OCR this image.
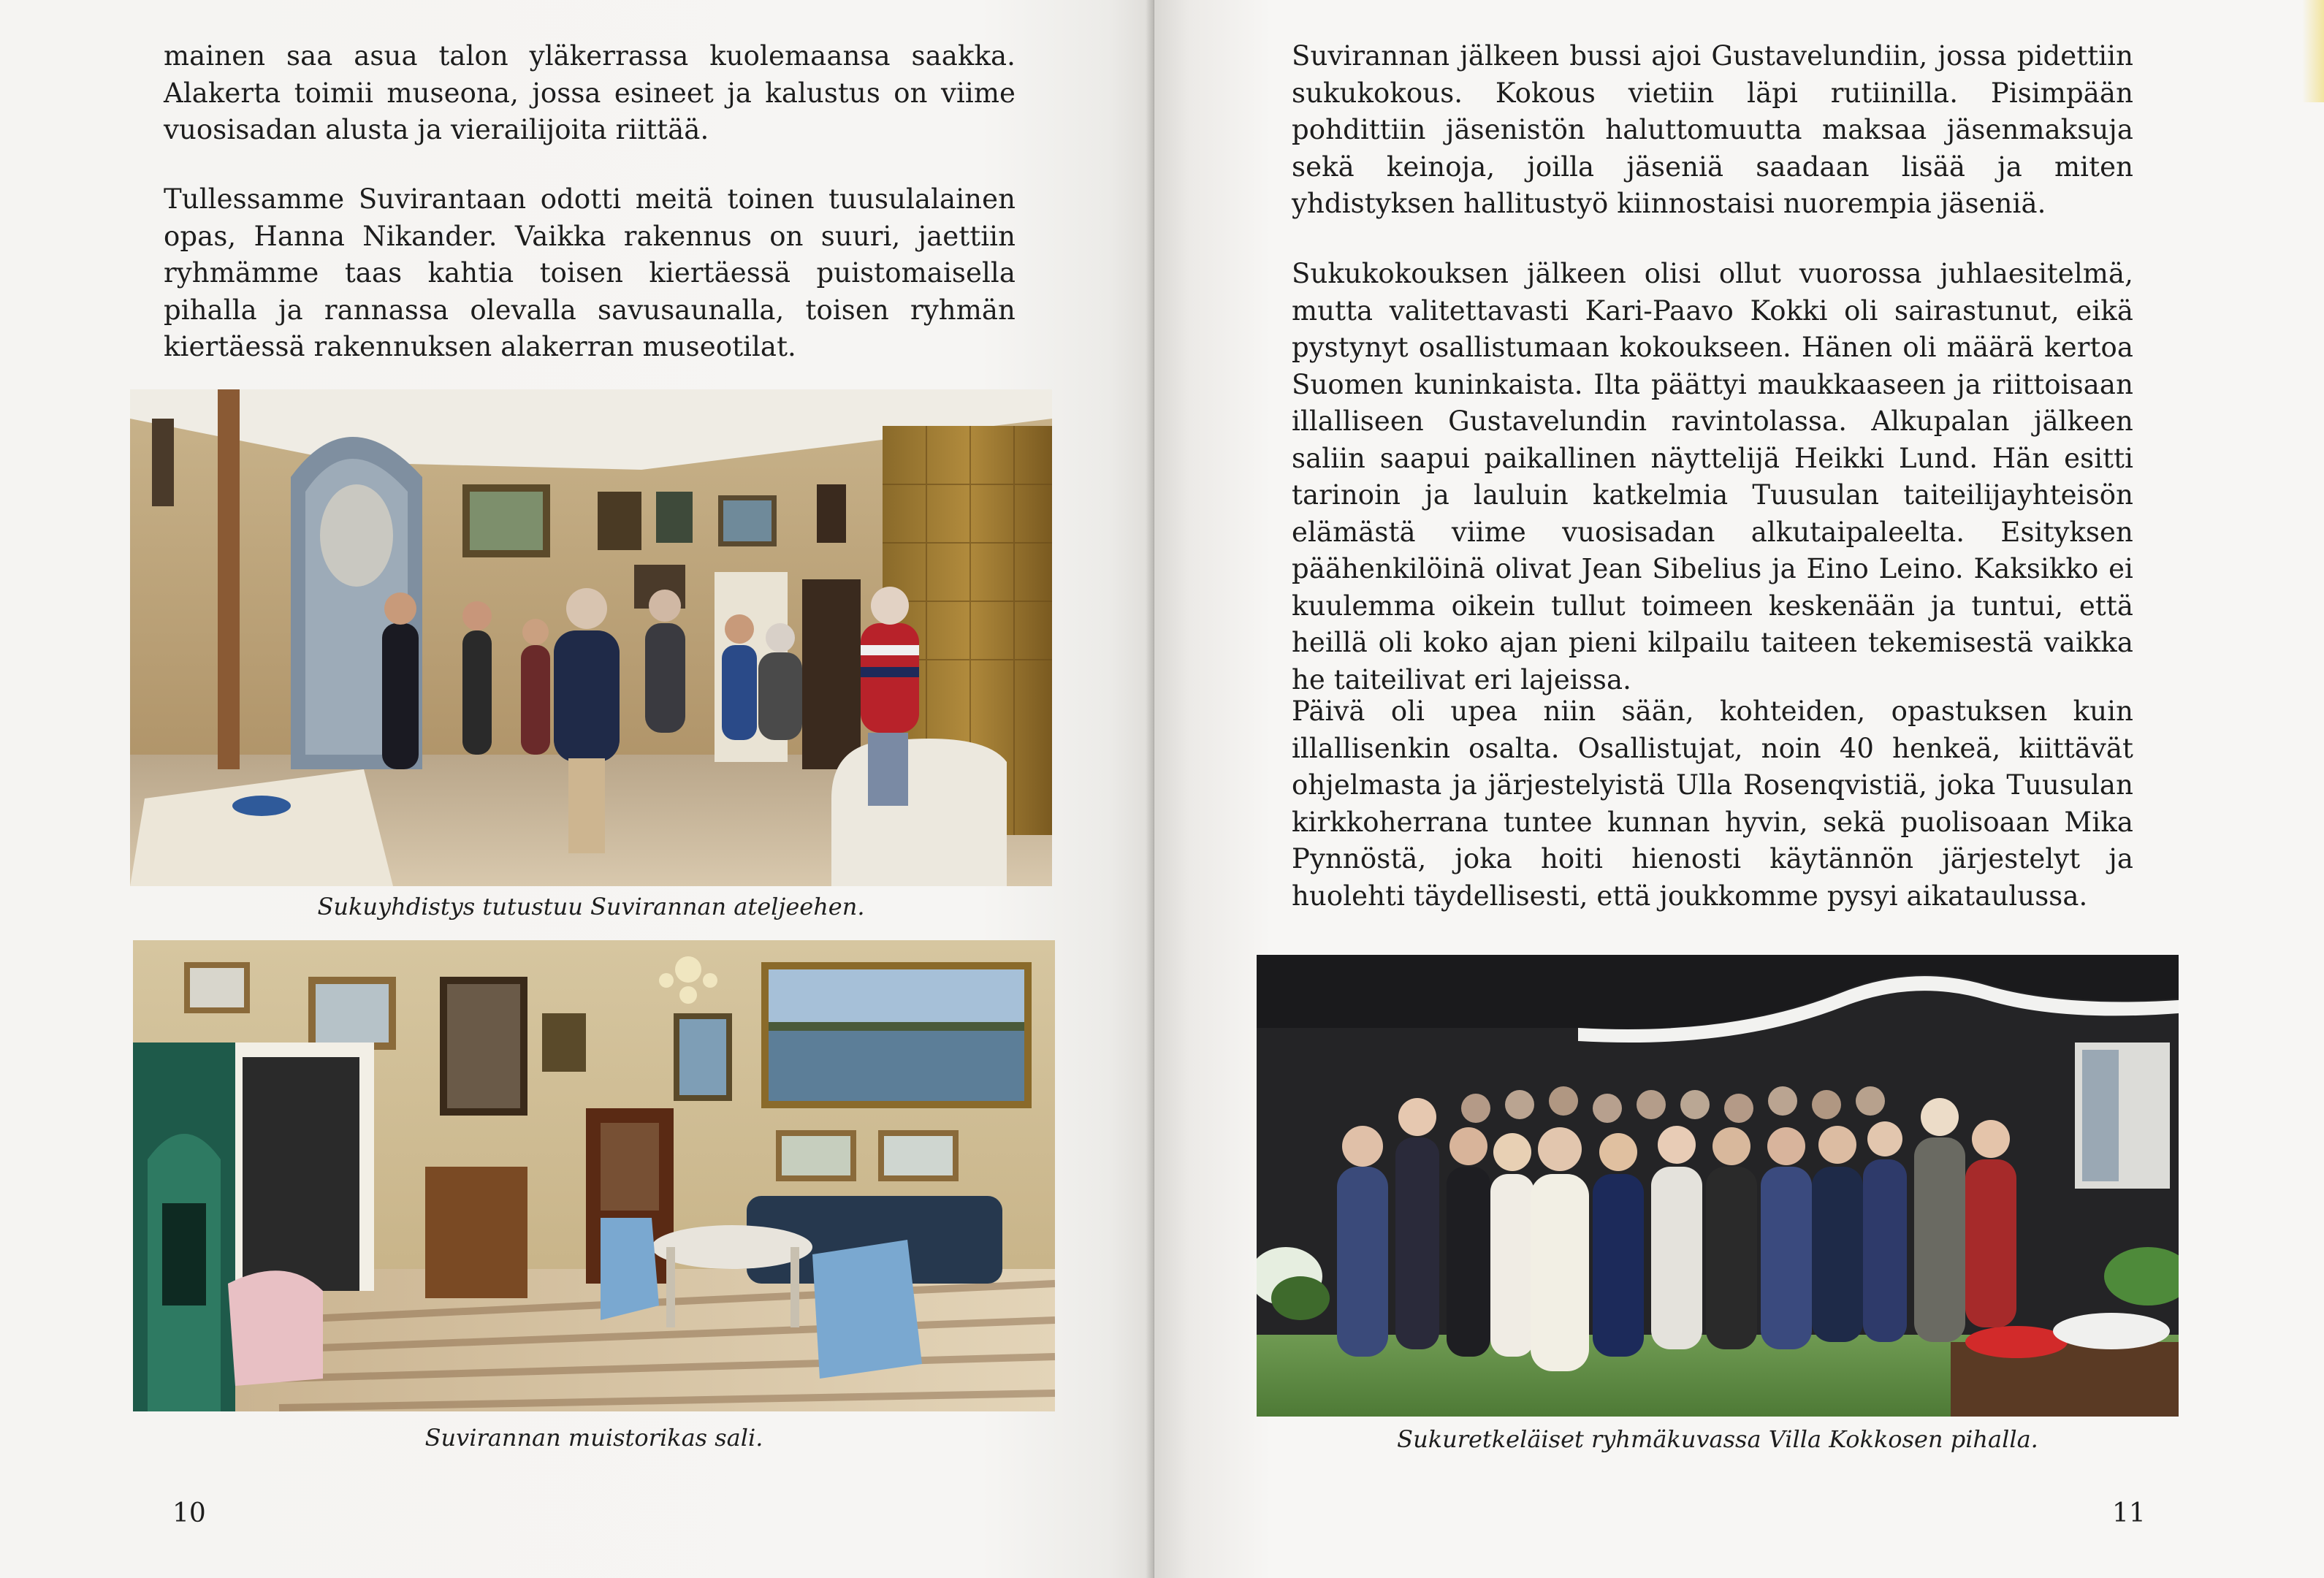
mainen saa asua talon yläkerrassa kuolemaansa saakka. Alakerta toimii museona, jossa esineet ja kalustus on viime vuosisadan alusta ja vierailijoita riittää.

Tullessamme Suvirantaan odotti meitä toinen tuusulalainen opas, Hanna Nikander. Vaikka rakennus on suuri, jaettiin ryhmämme taas kahtia toisen kiertäessä puistomaisella pihalla ja rannassa olevalla savusaunalla, toisen ryhmän kiertäessä rakennuksen alakerran museotilat.

Sukuyhdistys tutustuu Suvirannan ateljeehen.

Suvirannan muistorikas sali.

10

Suvirannan jälkeen bussi ajoi Gustavelundiin, jossa pidettiin sukukokous. Kokous vietiin läpi rutiinilla. Pisimpään pohdittiin jäsenistön haluttomuutta maksaa jäsenmaksuja sekä keinoja, joilla jäseniä saadaan lisää ja miten yhdistyksen hallitustyö kiinnostaisi nuorempia jäseniä.

Sukukokouksen jälkeen olisi ollut vuorossa juhlaesitelmä, mutta valitettavasti Kari-Paavo Kokki oli sairastunut, eikä pystynyt osallistumaan kokoukseen. Hänen oli määrä kertoa Suomen kuninkaista. Ilta päättyi maukkaaseen ja riittoisaan illalliseen Gustavelundin ravintolassa. Alkupalan jälkeen saliin saapui paikallinen näyttelijä Heikki Lund. Hän esitti tarinoin ja lauluin katkelmia Tuusulan taiteilijayhteisön elämästä viime vuosisadan alkutaipaleelta. Esityksen päähenkilöinä olivat Jean Sibelius ja Eino Leino. Kaksikko ei kuulemma oikein tullut toimeen keskenään ja tuntui, että heillä oli koko ajan pieni kilpailu taiteen tekemisestä vaikka he taiteilivat eri lajeissa.

Päivä oli upea niin sään, kohteiden, opastuksen kuin illallisenkin osalta. Osallistujat, noin 40 henkeä, kiittävät ohjelmasta ja järjestelyistä Ulla Rosenqvistiä, joka Tuusulan kirkkoherrana tuntee kunnan hyvin, sekä puolisoaan Mika Pynnöstä, joka hoiti hienosti käytännön järjestelyt ja huolehti täydellisesti, että joukkomme pysyi aikataulussa.

Sukuretkeläiset ryhmäkuvassa Villa Kokkosen pihalla.

11
